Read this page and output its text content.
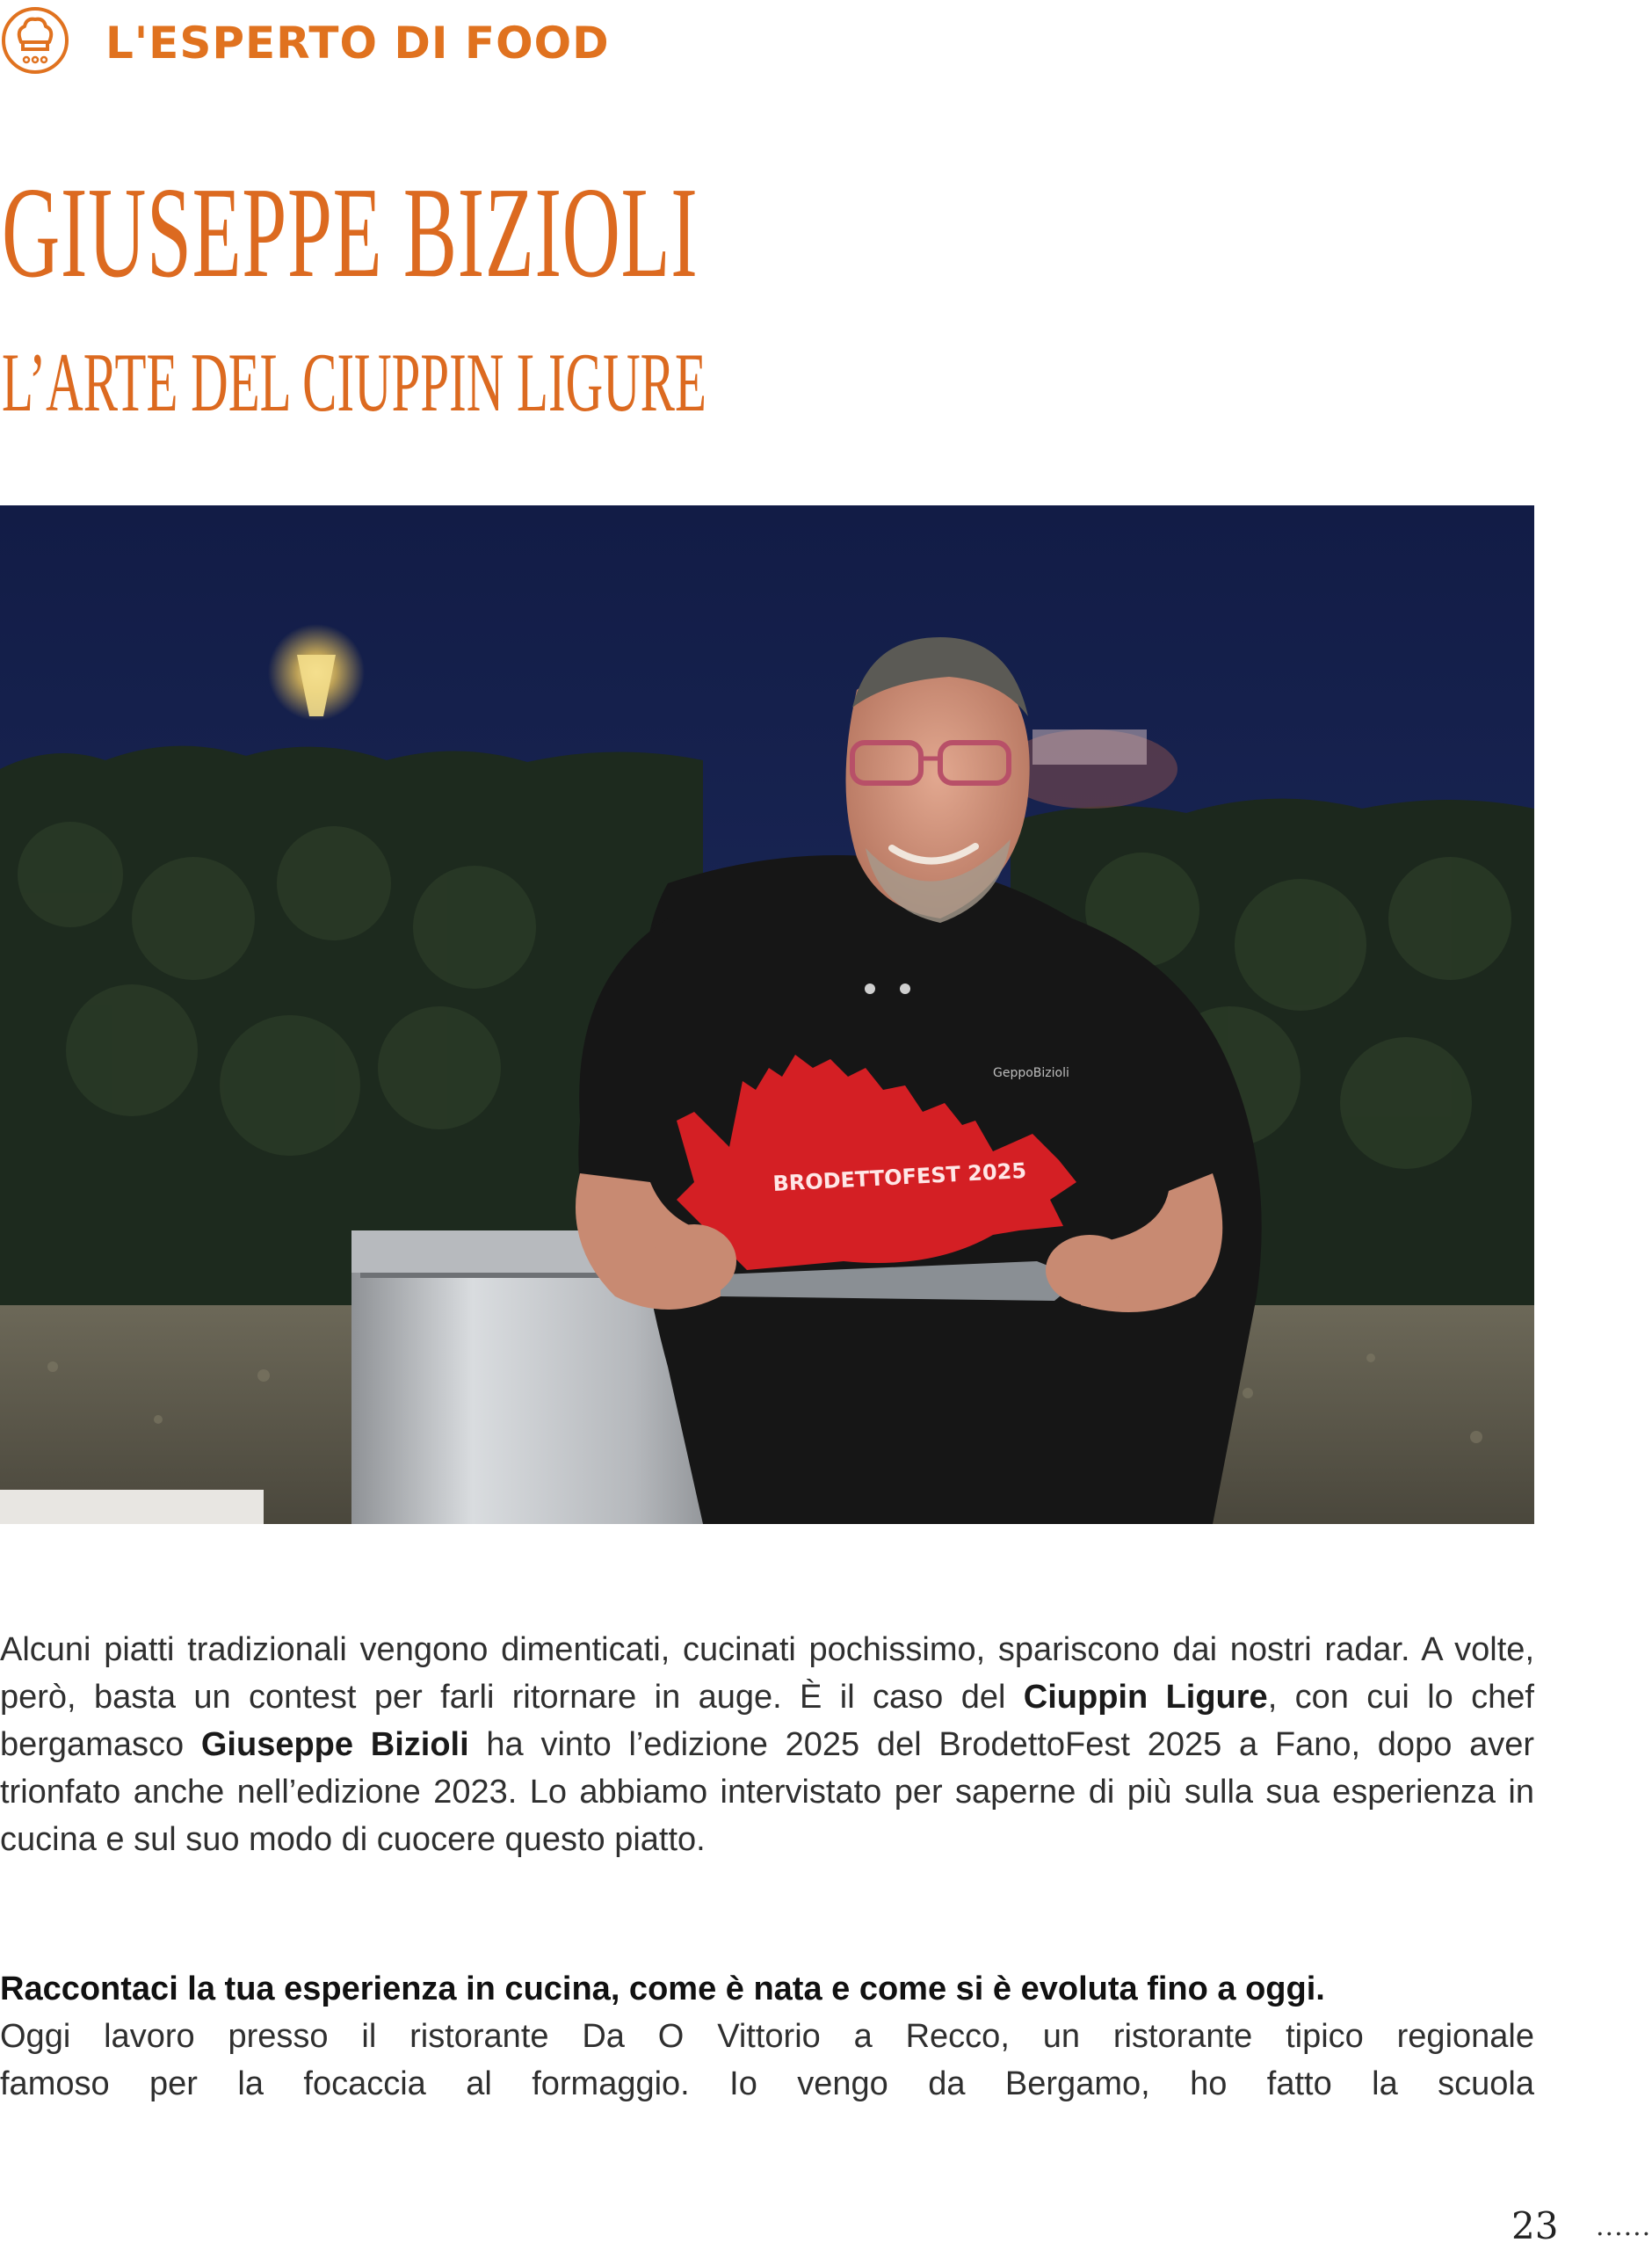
L'ESPERTO DI FOOD
GIUSEPPE BIZIOLI
L’ARTE DEL CIUPPIN LIGURE
GeppoBizioli
BRODETTOFEST 2025

Alcuni piatti tradizionali vengono dimenticati, cucinati pochissimo, spariscono dai nostri radar. A volte, però, basta un contest per farli ritornare in auge. È il caso del Ciuppin Ligure, con cui lo chef bergamasco Giuseppe Bizioli ha vinto l’edizione 2025 del BrodettoFest 2025 a Fano, dopo aver trionfato anche nell’edizione 2023. Lo abbiamo intervistato per saperne di più sulla sua esperienza in cucina e sul suo modo di cuocere questo piatto.

Raccontaci la tua esperienza in cucina, come è nata e come si è evoluta fino a oggi.

Oggi lavoro presso il ristorante Da O Vittorio a Recco, un ristorante tipico regionale
famoso per la focaccia al formaggio. Io vengo da Bergamo, ho fatto la scuola
23 ......
